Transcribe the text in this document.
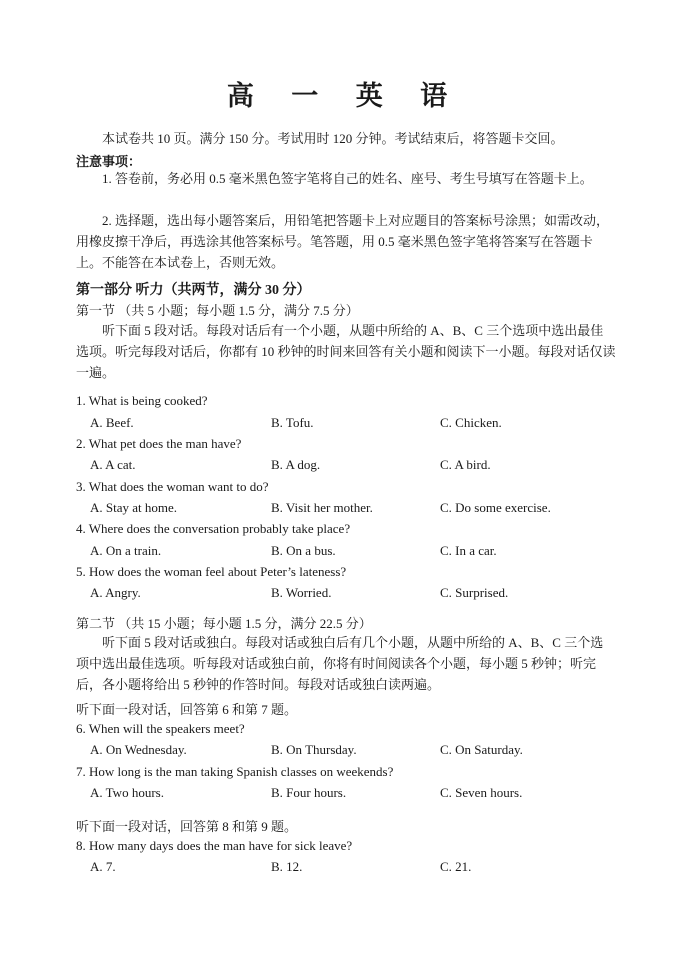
高 一 英 语
本试卷共 10 页。满分 150 分。考试用时 120 分钟。考试结束后，将答题卡交回。
注意事项：
1. 答卷前，务必用 0.5 毫米黑色签字笔将自己的姓名、座号、考生号填写在答题卡上。
2. 选择题，选出每小题答案后，用铅笔把答题卡上对应题目的答案标号涂黑；如需改动，用橡皮擦干净后，再选涂其他答案标号。笔答题，用 0.5 毫米黑色签字笔将答案写在答题卡上。不能答在本试卷上，否则无效。
第一部分 听力（共两节，满分 30 分）
第一节 （共 5 小题；每小题 1.5 分，满分 7.5 分）
听下面 5 段对话。每段对话后有一个小题，从题中所给的 A、B、C 三个选项中选出最佳选项。听完每段对话后，你都有 10 秒钟的时间来回答有关小题和阅读下一小题。每段对话仅读一遍。
1. What is being cooked?
A. Beef.	B. Tofu.	C. Chicken.
2. What pet does the man have?
A. A cat.	B. A dog.	C. A bird.
3. What does the woman want to do?
A. Stay at home.	B. Visit her mother.	C. Do some exercise.
4. Where does the conversation probably take place?
A. On a train.	B. On a bus.	C. In a car.
5. How does the woman feel about Peter’s lateness?
A. Angry.	B. Worried.	C. Surprised.
第二节 （共 15 小题；每小题 1.5 分，满分 22.5 分）
听下面 5 段对话或独白。每段对话或独白后有几个小题，从题中所给的 A、B、C 三个选项中选出最佳选项。听每段对话或独白前，你将有时间阅读各个小题，每小题 5 秒钟；听完后，各小题将给出 5 秒钟的作答时间。每段对话或独白读两遍。
听下面一段对话，回答第 6 和第 7 题。
6. When will the speakers meet?
A. On Wednesday.	B. On Thursday.	C. On Saturday.
7. How long is the man taking Spanish classes on weekends?
A. Two hours.	B. Four hours.	C. Seven hours.
听下面一段对话，回答第 8 和第 9 题。
8. How many days does the man have for sick leave?
A. 7.	B. 12.	C. 21.
